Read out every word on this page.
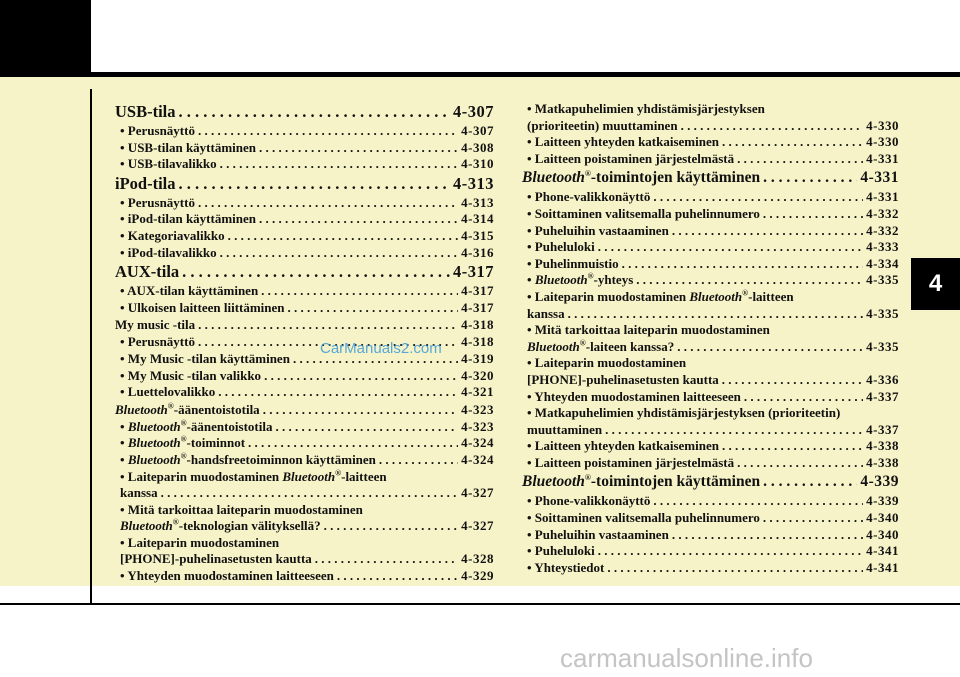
4
USB-tila . . .	4-307
• Perusnäyttö . . .	4-307
• USB-tilan käyttäminen . . .	4-308
• USB-tilavalikko . . .	4-310
iPod-tila . . .	4-313
• Perusnäyttö . . .	4-313
• iPod-tilan käyttäminen . . .	4-314
• Kategoriavalikko . . .	4-315
• iPod-tilavalikko . . .	4-316
AUX-tila . . .	4-317
• AUX-tilan käyttäminen . . .	4-317
• Ulkoisen laitteen liittäminen . . .	4-317
My music -tila . . .	4-318
• Perusnäyttö . . .	4-318
• My Music -tilan käyttäminen . . .	4-319
• My Music -tilan valikko . . .	4-320
• Luettelovalikko . . .	4-321
Bluetooth®-äänentoistotila . . .	4-323
• Bluetooth®-äänentoistotila . . .	4-323
• Bluetooth®-toiminnot . . .	4-324
• Bluetooth®-handsfreetoiminnon käyttäminen . . .	4-324
• Laiteparin muodostaminen Bluetooth®-laitteen
kanssa . . .	4-327
• Mitä tarkoittaa laiteparin muodostaminen
Bluetooth®-teknologian välityksellä? . . .	4-327
• Laiteparin muodostaminen
[PHONE]-puhelinasetusten kautta . . .	4-328
• Yhteyden muodostaminen laitteeseen . . .	4-329
• Matkapuhelimien yhdistämisjärjestyksen
(prioriteetin) muuttaminen . . .	4-330
• Laitteen yhteyden katkaiseminen . . .	4-330
• Laitteen poistaminen järjestelmästä . . .	4-331
Bluetooth®-toimintojen käyttäminen . . .	4-331
• Phone-valikkonäyttö . . .	4-331
• Soittaminen valitsemalla puhelinnumero . . .	4-332
• Puheluihin vastaaminen . . .	4-332
• Puheluloki . . .	4-333
• Puhelinmuistio . . .	4-334
• Bluetooth®-yhteys . . .	4-335
• Laiteparin muodostaminen Bluetooth®-laitteen
kanssa . . .	4-335
• Mitä tarkoittaa laiteparin muodostaminen
Bluetooth®-laiteen kanssa? . . .	4-335
• Laiteparin muodostaminen
[PHONE]-puhelinasetusten kautta . . .	4-336
• Yhteyden muodostaminen laitteeseen . . .	4-337
• Matkapuhelimien yhdistämisjärjestyksen (prioriteetin)
muuttaminen . . .	4-337
• Laitteen yhteyden katkaiseminen . . .	4-338
• Laitteen poistaminen järjestelmästä . . .	4-338
Bluetooth®-toimintojen käyttäminen . . .	4-339
• Phone-valikkonäyttö . . .	4-339
• Soittaminen valitsemalla puhelinnumero . . .	4-340
• Puheluihin vastaaminen . . .	4-340
• Puheluloki . . .	4-341
• Yhteystiedot . . .	4-341
CarManuals2.com
carmanualsonline.info
